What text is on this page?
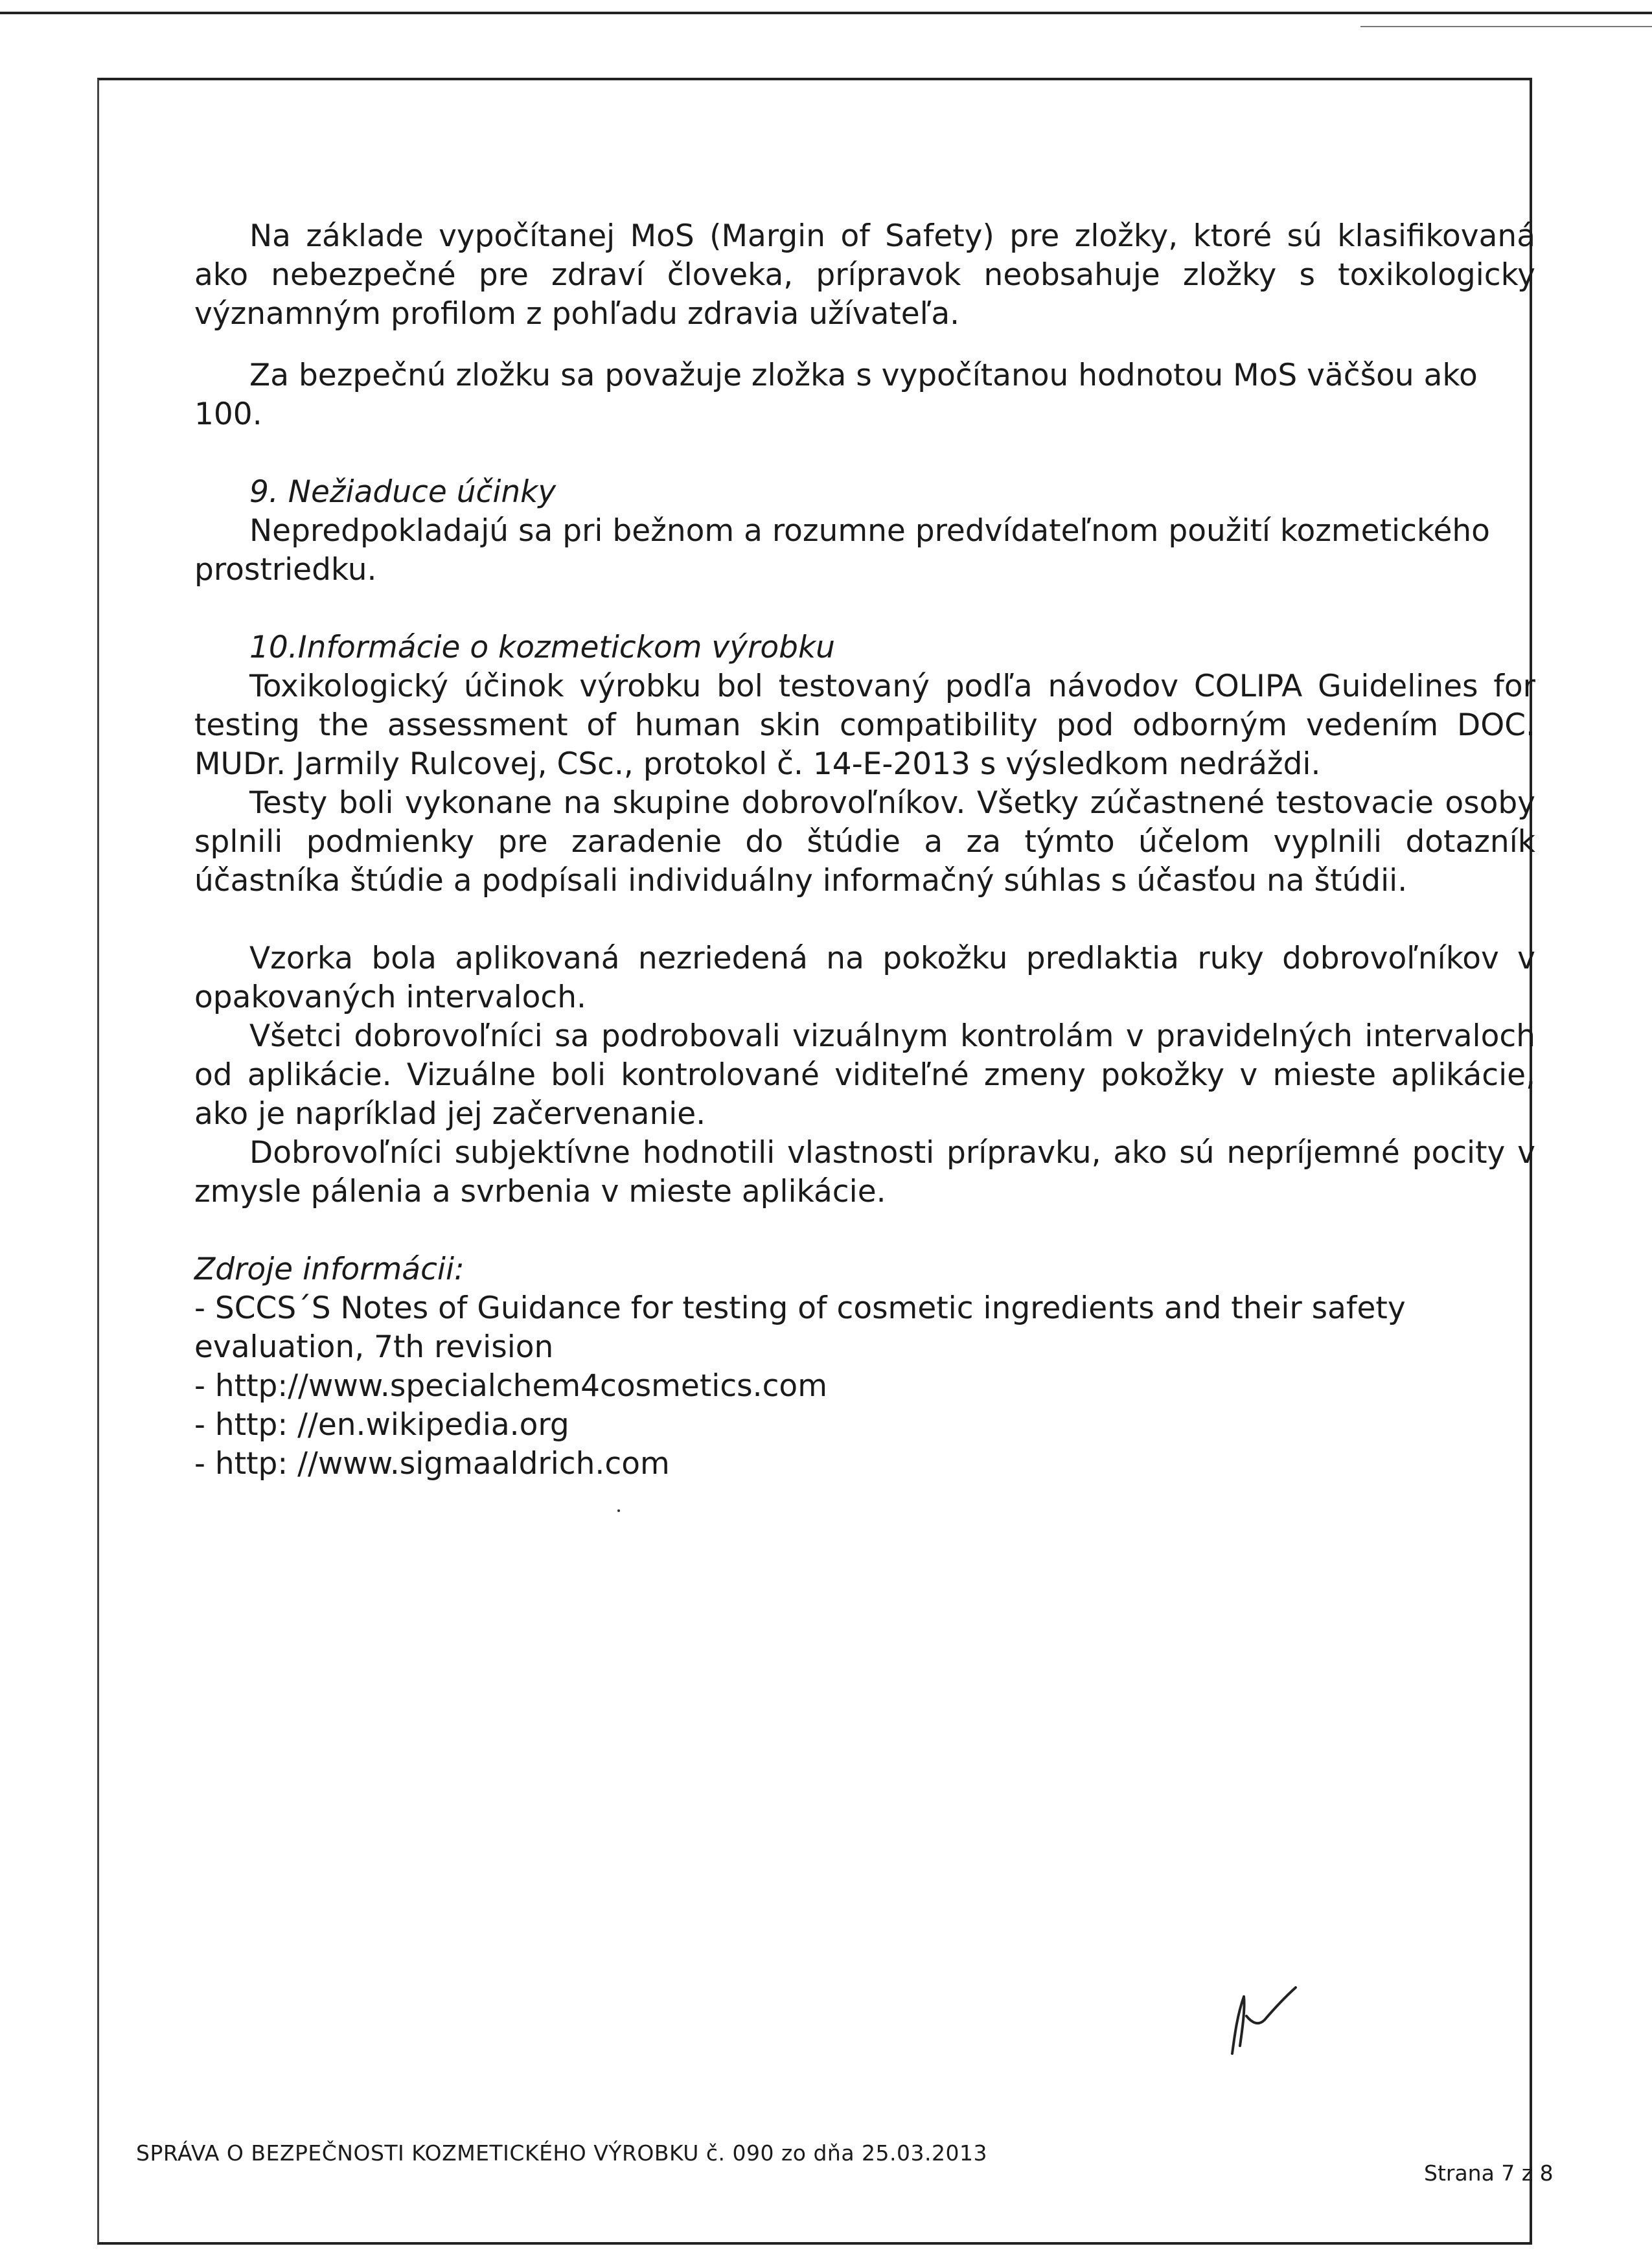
Na základe vypočítanej MoS (Margin of Safety) pre zložky, ktoré sú klasifikovaná ako nebezpečné pre zdraví človeka, prípravok neobsahuje zložky s toxikologicky významným profilom z pohľadu zdravia užívateľa.

Za bezpečnú zložku sa považuje zložka s vypočítanou hodnotou MoS väčšou ako 100.

9. Nežiaduce účinky

Nepredpokladajú sa pri bežnom a rozumne predvídateľnom použití kozmetického prostriedku.

10.Informácie o kozmetickom výrobku

Toxikologický účinok výrobku bol testovaný podľa návodov COLIPA Guidelines for testing the assessment of human skin compatibility pod odborným vedením DOC. MUDr. Jarmily Rulcovej, CSc., protokol č. 14-E-2013 s výsledkom nedráždi.

Testy boli vykonane na skupine dobrovoľníkov. Všetky zúčastnené testovacie osoby splnili podmienky pre zaradenie do štúdie a za týmto účelom vyplnili dotazník účastníka štúdie a podpísali individuálny informačný súhlas s účasťou na štúdii.

Vzorka bola aplikovaná nezriedená na pokožku predlaktia ruky dobrovoľníkov v opakovaných intervaloch.

Všetci dobrovoľníci sa podrobovali vizuálnym kontrolám v pravidelných intervaloch od aplikácie. Vizuálne boli kontrolované viditeľné zmeny pokožky v mieste aplikácie, ako je napríklad jej začervenanie.

Dobrovoľníci subjektívne hodnotili vlastnosti prípravku, ako sú nepríjemné pocity v zmysle pálenia a svrbenia v mieste aplikácie.

Zdroje informácii:

- SCCS´S Notes of Guidance for testing of cosmetic ingredients and their safety evaluation, 7th revision

- http://www.specialchem4cosmetics.com

- http: //en.wikipedia.org

- http: //www.sigmaaldrich.com

SPRÁVA O BEZPEČNOSTI KOZMETICKÉHO VÝROBKU č. 090 zo dňa 25.03.2013
Strana 7 z 8
